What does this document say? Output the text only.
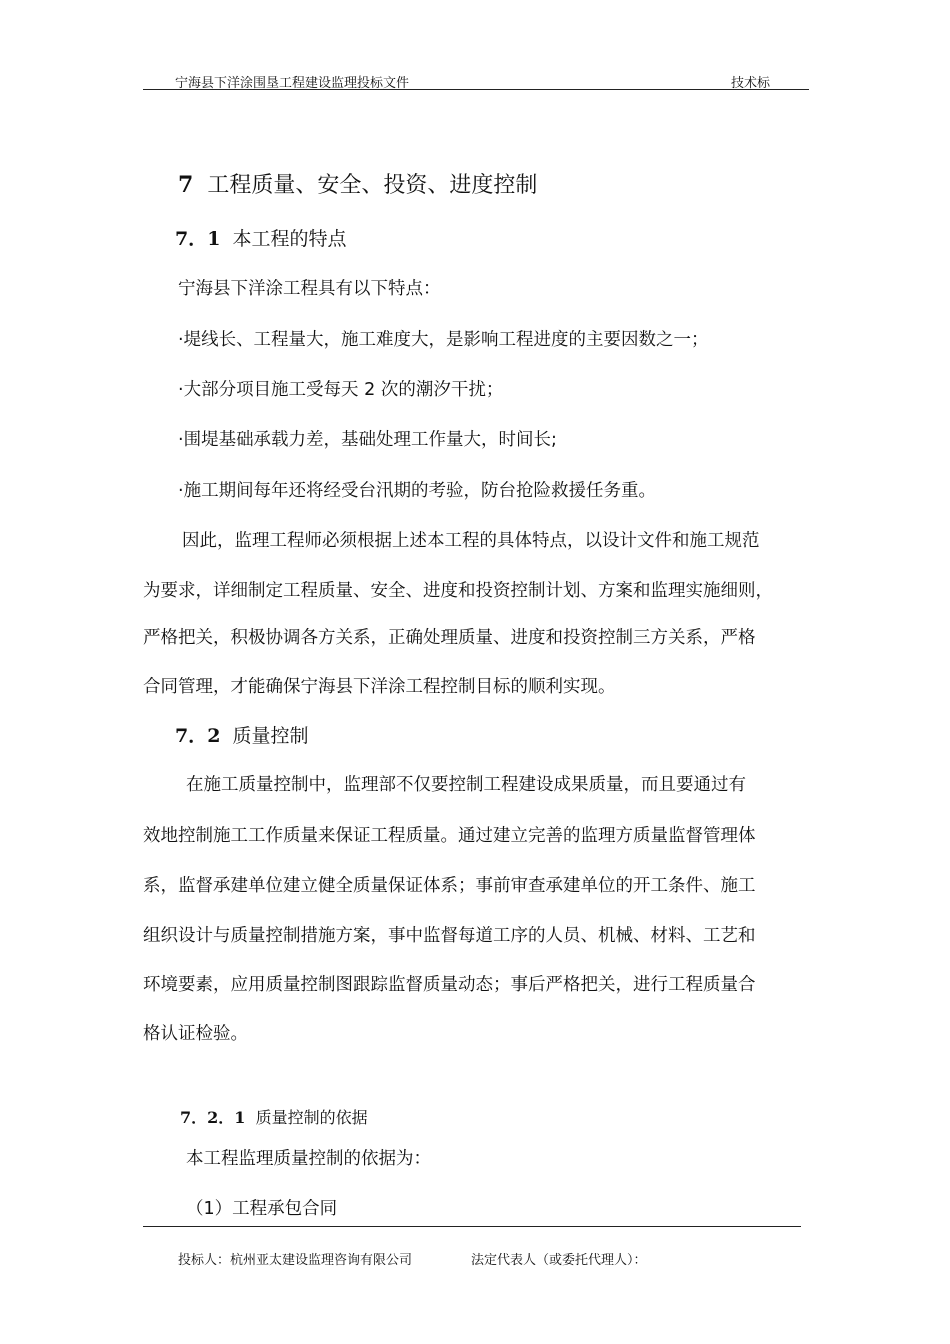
宁海县下洋涂围垦工程建设监理投标文件	技术标
7 工程质量、安全、投资、进度控制
7．1 本工程的特点
宁海县下洋涂工程具有以下特点：
·堤线长、工程量大，施工难度大，是影响工程进度的主要因数之一；
·大部分项目施工受每天 2 次的潮汐干扰；
·围堤基础承载力差，基础处理工作量大，时间长;
·施工期间每年还将经受台汛期的考验，防台抢险救援任务重。
因此，监理工程师必须根据上述本工程的具体特点，以设计文件和施工规范
为要求，详细制定工程质量、安全、进度和投资控制计划、方案和监理实施细则，
严格把关，积极协调各方关系，正确处理质量、进度和投资控制三方关系，严格
合同管理，才能确保宁海县下洋涂工程控制目标的顺利实现。
7．2 质量控制
在施工质量控制中，监理部不仅要控制工程建设成果质量，而且要通过有
效地控制施工工作质量来保证工程质量。通过建立完善的监理方质量监督管理体
系，监督承建单位建立健全质量保证体系；事前审查承建单位的开工条件、施工
组织设计与质量控制措施方案，事中监督每道工序的人员、机械、材料、工艺和
环境要素，应用质量控制图跟踪监督质量动态；事后严格把关，进行工程质量合
格认证检验。
7．2．1 质量控制的依据
本工程监理质量控制的依据为：
（1）工程承包合同
投标人：杭州亚太建设监理咨询有限公司	法定代表人（或委托代理人）：
